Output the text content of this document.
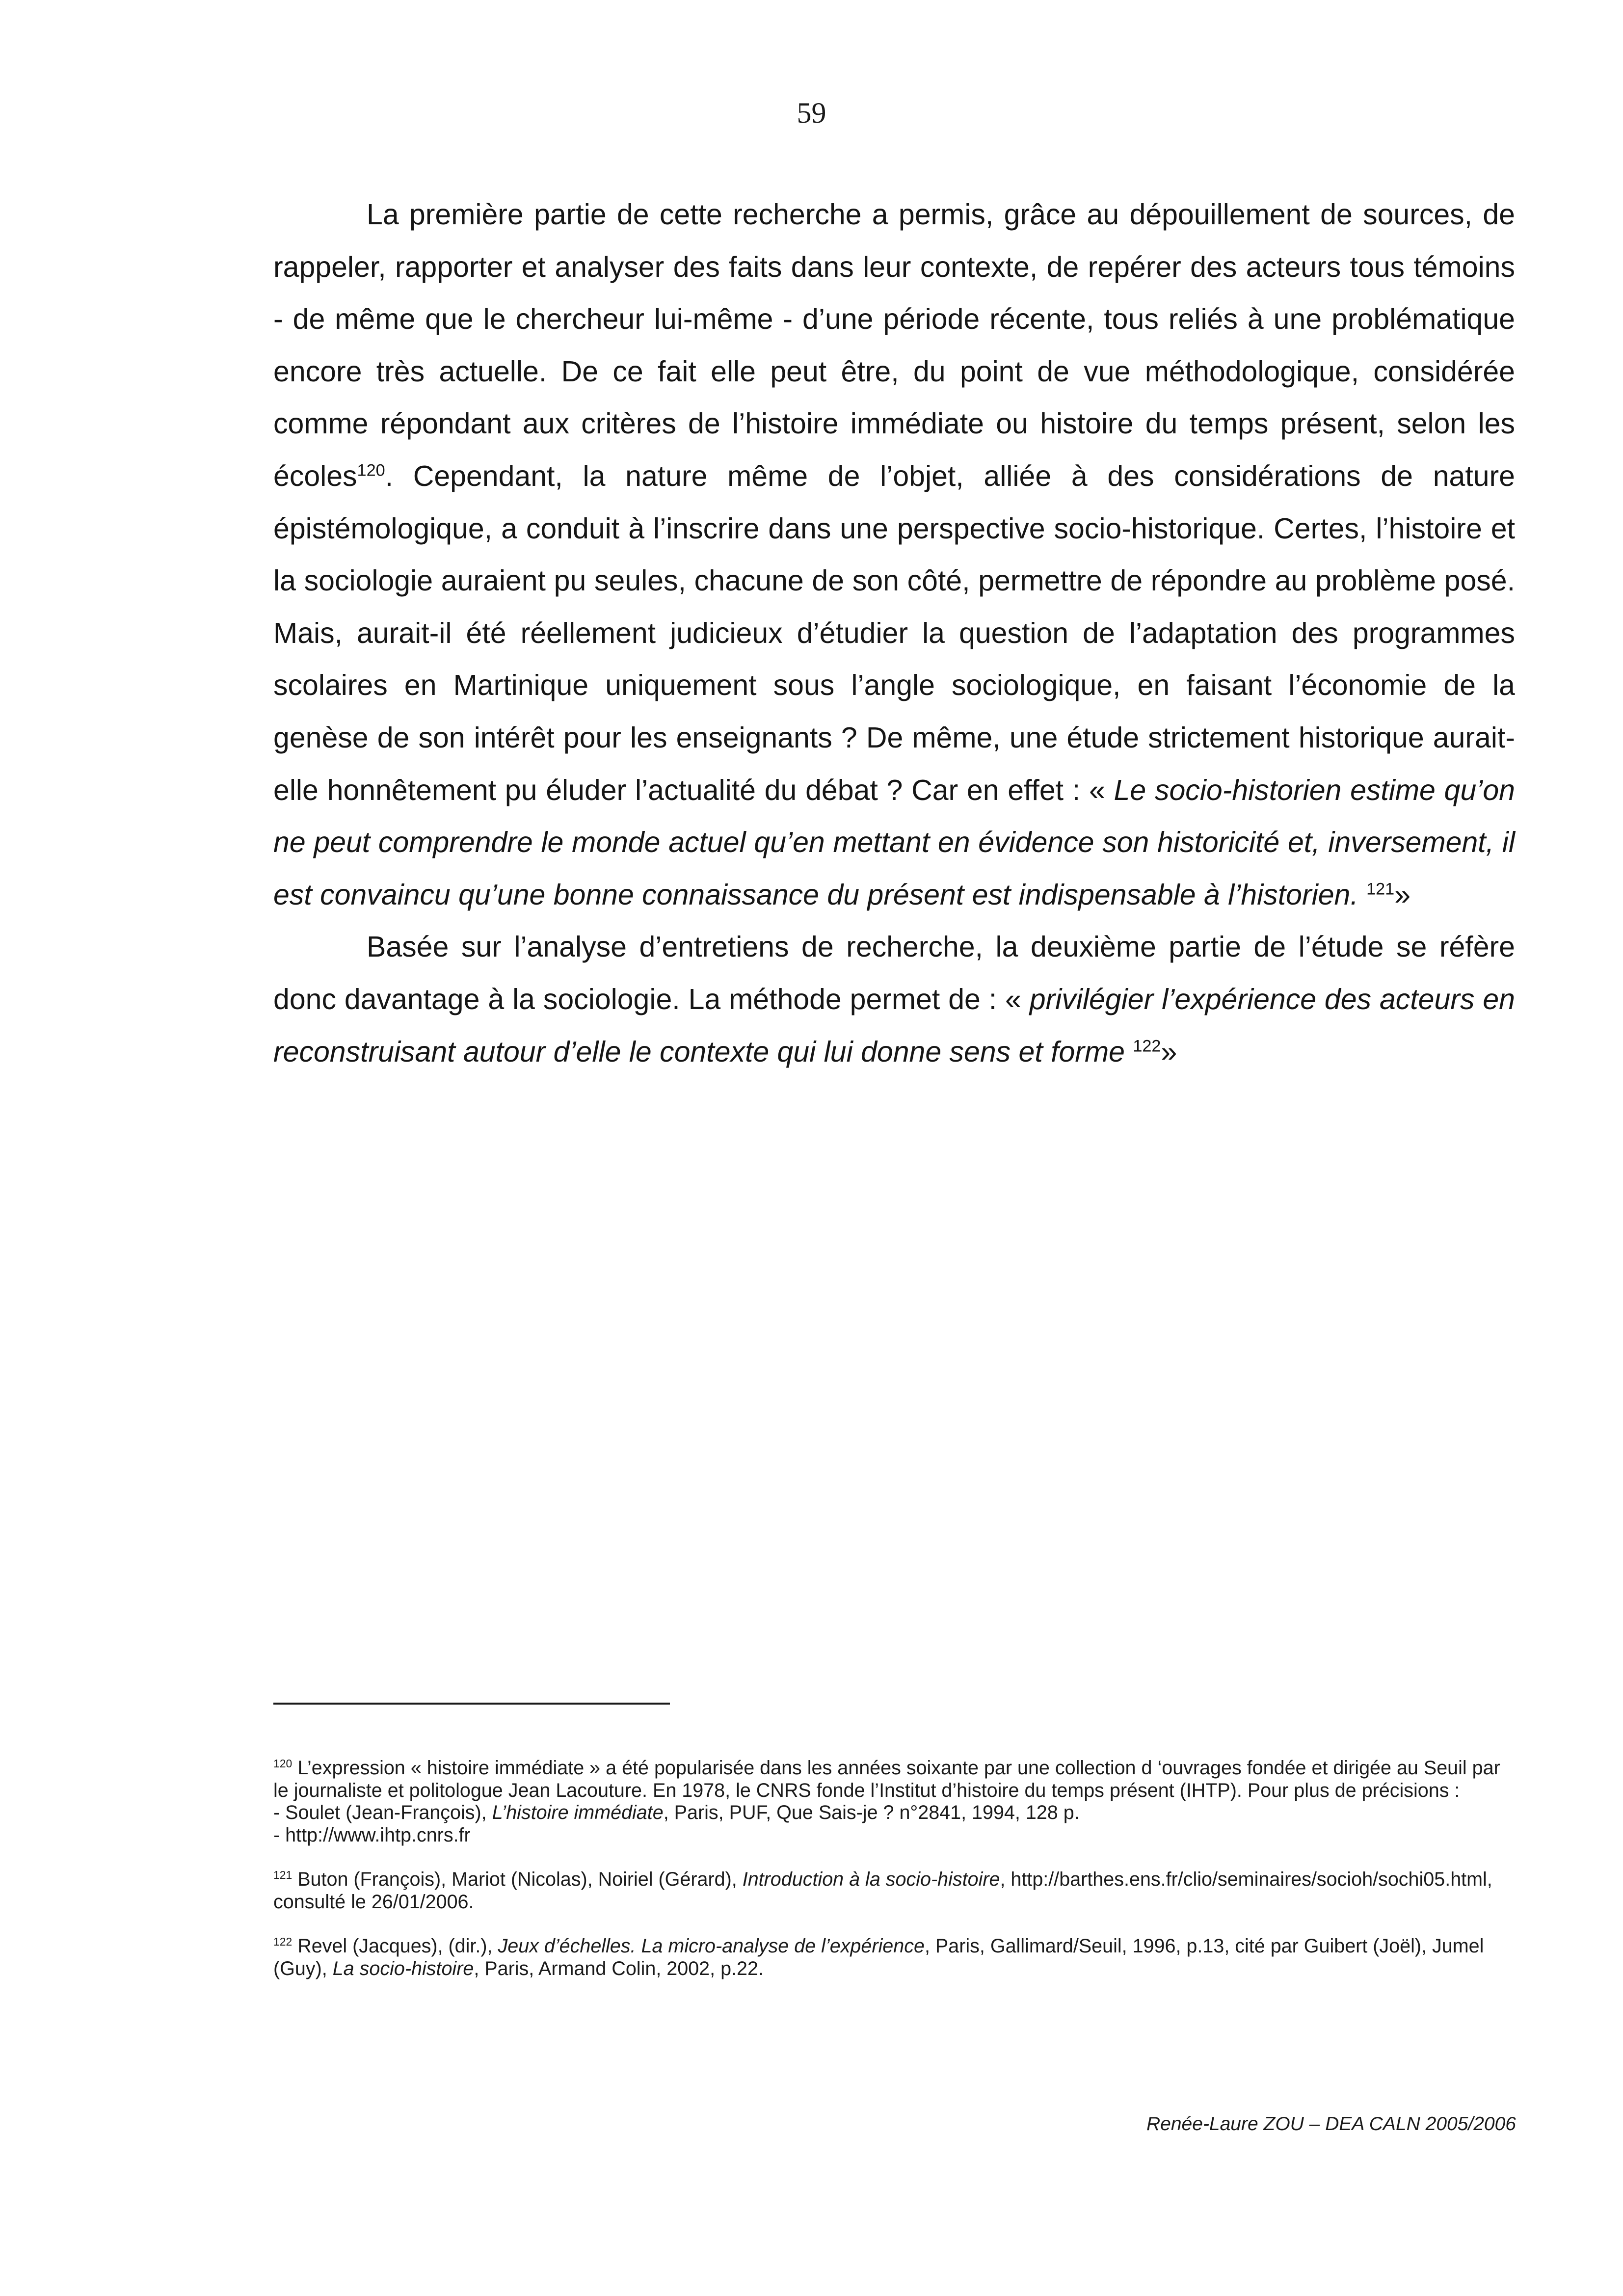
59

La première partie de cette recherche a permis, grâce au dépouillement de sources, de rappeler, rapporter et analyser des faits dans leur contexte, de repérer des acteurs tous témoins - de même que le chercheur lui-même - d’une période récente, tous reliés à une problématique encore très actuelle. De ce fait elle peut être, du point de vue méthodologique, considérée comme répondant aux critères de l’histoire immédiate ou histoire du temps présent, selon les écoles$^{120}$. Cependant, la nature même de l’objet, alliée à des considérations de nature épistémologique, a conduit à l’inscrire dans une perspective socio-historique. Certes, l’histoire et la sociologie auraient pu seules, chacune de son côté, permettre de répondre au problème posé. Mais, aurait-il été réellement judicieux d’étudier la question de l’adaptation des programmes scolaires en Martinique uniquement sous l’angle sociologique, en faisant l’économie de la genèse de son intérêt pour les enseignants ? De même, une étude strictement historique aurait-elle honnêtement pu éluder l’actualité du débat ? Car en effet : « Le socio-historien estime qu’on ne peut comprendre le monde actuel qu’en mettant en évidence son historicité et, inversement, il est convaincu qu’une bonne connaissance du présent est indispensable à l’historien. $^{121}$»

Basée sur l’analyse d’entretiens de recherche, la deuxième partie de l’étude se réfère donc davantage à la sociologie. La méthode permet de : « privilégier l’expérience des acteurs en reconstruisant autour d’elle le contexte qui lui donne sens et forme $^{122}$»

$^{120}$ L’expression « histoire immédiate » a été popularisée dans les années soixante par une collection d ‘ouvrages fondée et dirigée au Seuil par le journaliste et politologue Jean Lacouture. En 1978, le CNRS fonde l’Institut d’histoire du temps présent (IHTP). Pour plus de précisions :

- Soulet (Jean-François), L’histoire immédiate, Paris, PUF, Que Sais-je ? n°2841, 1994, 128 p.
- http://www.ihtp.cnrs.fr

$^{121}$ Buton (François), Mariot (Nicolas), Noiriel (Gérard), Introduction à la socio-histoire, http://barthes.ens.fr/clio/seminaires/socioh/sochi05.html, consulté le 26/01/2006.

$^{122}$ Revel (Jacques), (dir.), Jeux d’échelles. La micro-analyse de l’expérience, Paris, Gallimard/Seuil, 1996, p.13, cité par Guibert (Joël), Jumel (Guy), La socio-histoire, Paris, Armand Colin, 2002, p.22.

Renée-Laure ZOU – DEA CALN 2005/2006
